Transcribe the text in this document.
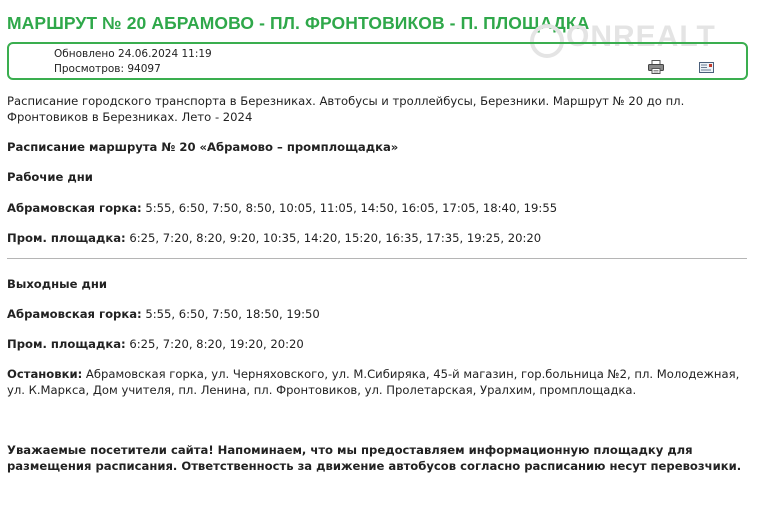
МАРШРУТ № 20 АБРАМОВО - ПЛ. ФРОНТОВИКОВ - П. ПЛОЩАДКА
ONREALT
Обновлено 24.06.2024 11:19
Просмотров: 94097
Расписание городского транспорта в Березниках. Автобусы и троллейбусы, Березники. Маршрут № 20 до пл. Фронтовиков в Березниках. Лето - 2024
Расписание маршрута № 20 «Абрамово – промплощадка»
Рабочие дни
Абрамовская горка: 5:55, 6:50, 7:50, 8:50, 10:05, 11:05, 14:50, 16:05, 17:05, 18:40, 19:55
Пром. площадка: 6:25, 7:20, 8:20, 9:20, 10:35, 14:20, 15:20, 16:35, 17:35, 19:25, 20:20
Выходные дни
Абрамовская горка: 5:55, 6:50, 7:50, 18:50, 19:50
Пром. площадка: 6:25, 7:20, 8:20, 19:20, 20:20
Остановки: Абрамовская горка, ул. Черняховского, ул. М.Сибиряка, 45-й магазин, гор.больница №2, пл. Молодежная, ул. К.Маркса, Дом учителя, пл. Ленина, пл. Фронтовиков, ул. Пролетарская, Уралхим, промплощадка.
Уважаемые посетители сайта! Напоминаем, что мы предоставляем информационную площадку для размещения расписания. Ответственность за движение автобусов согласно расписанию несут перевозчики.
